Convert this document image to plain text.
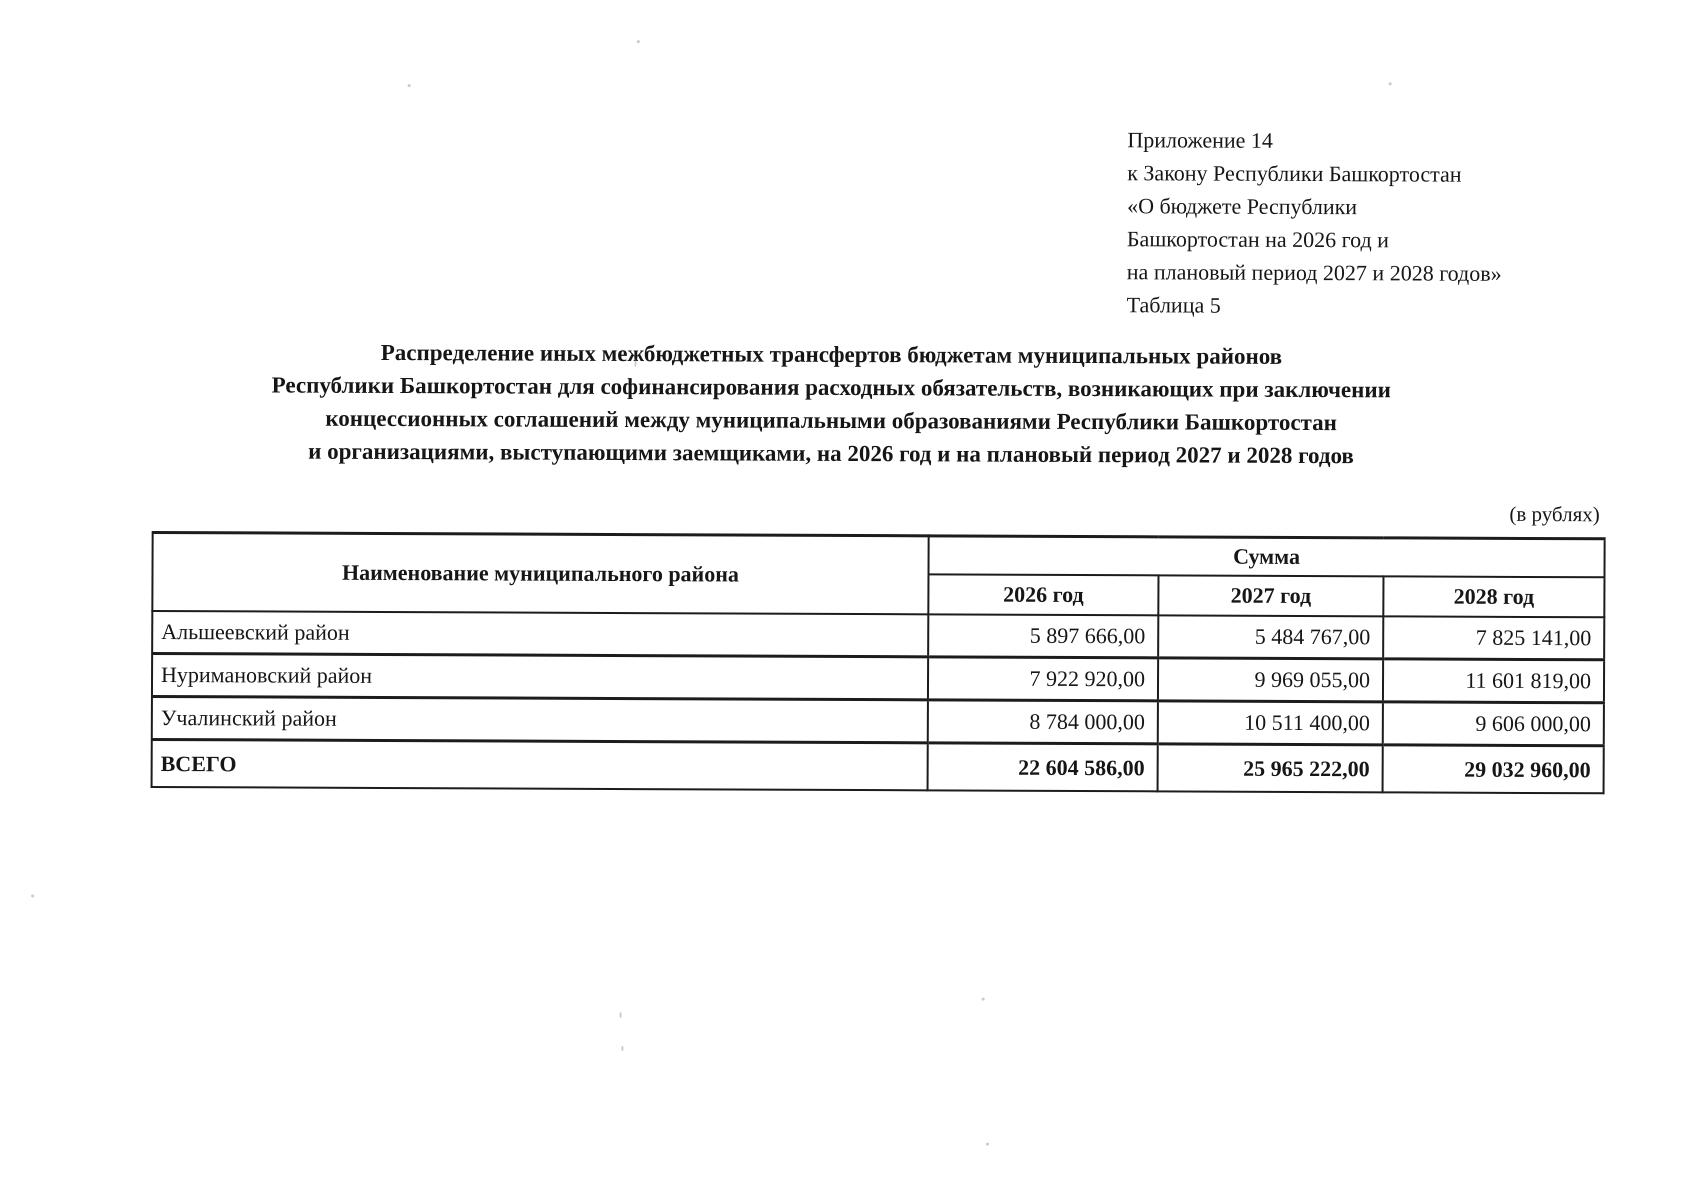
Приложение 14
к Закону Республики Башкортостан
«О бюджете Республики
Башкортостан на 2026 год и
на плановый период 2027 и 2028 годов»
Таблица 5
Распределение иных межбюджетных трансфертов бюджетам муниципальных районов
Республики Башкортостан для софинансирования расходных обязательств, возникающих при заключении
концессионных соглашений между муниципальными образованиями Республики Башкортостан
и организациями, выступающими заемщиками, на 2026 год и на плановый период 2027 и 2028 годов
(в рублях)
Наименование муниципального района	Сумма		
	2026 год	2027 год	2028 год
Альшеевский район	5 897 666,00	5 484 767,00	7 825 141,00
Нуримановский район	7 922 920,00	9 969 055,00	11 601 819,00
Учалинский район	8 784 000,00	10 511 400,00	9 606 000,00
ВСЕГО	22 604 586,00	25 965 222,00	29 032 960,00
